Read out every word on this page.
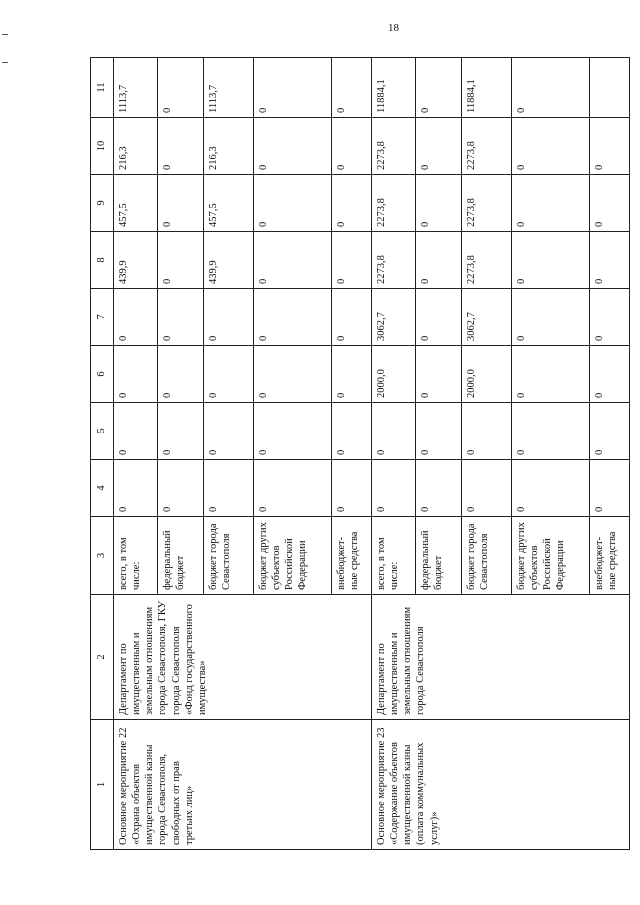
18
1	2	3	4	5	6	7	8	9	10	11
Основное мероприятие 22 «Охрана объектов имущественной казны города Севастополя, свободных от прав третьих лиц»	Департамент по имущественным и земельным отношениям города Севастополя, ГКУ города Севастополя «Фонд государственного имущества»	всего, в том числе:	0	0	0	0	439,9	457,5	216,3	1113,7
		федеральный бюджет	0	0	0	0	0	0	0	0
		бюджет города Севастополя	0	0	0	0	439,9	457,5	216,3	1113,7
		бюджет других субъектов Российской Федерации	0	0	0	0	0	0	0	0
		внебюджет-ные средства	0	0	0	0	0	0	0	0
Основное мероприятие 23 «Содержание объектов имущественной казны (оплата коммунальных услуг)»	Департамент по имущественным и земельным отношениям города Севастополя	всего, в том числе:	0	0	2000,0	3062,7	2273,8	2273,8	2273,8	11884,1
		федеральный бюджет	0	0	0	0	0	0	0	0
		бюджет города Севастополя	0	0	2000,0	3062,7	2273,8	2273,8	2273,8	11884,1
		бюджет других субъектов Российской Федерации	0	0	0	0	0	0	0	0
		внебюджет-ные средства	0	0	0	0	0	0	0	
